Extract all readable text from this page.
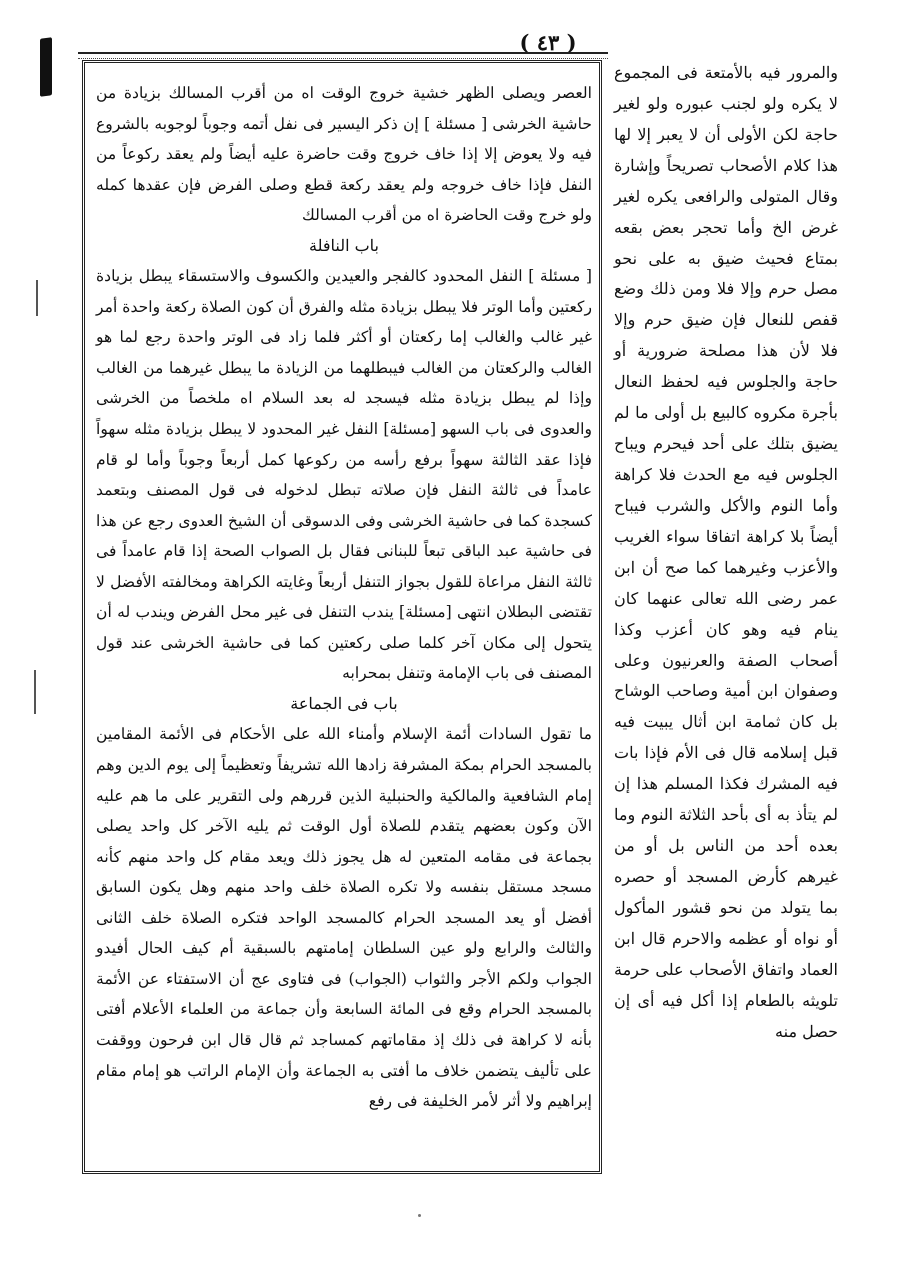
( ٤٣ )

العصر ويصلى الظهر خشية خروج الوقت اه من أقرب المسالك بزيادة من حاشية الخرشى [ مسئلة ] إن ذكر اليسير فى نفل أتمه وجوباً لوجوبه بالشروع فيه ولا يعوض إلا إذا خاف خروج وقت حاضرة عليه أيضاً ولم يعقد ركوعاً من النفل فإذا خاف خروجه ولم يعقد ركعة قطع وصلى الفرض فإن عقدها كمله ولو خرج وقت الحاضرة اه من أقرب المسالك

باب النافلة

[ مسئلة ] النفل المحدود كالفجر والعيدين والكسوف والاستسقاء يبطل بزيادة ركعتين وأما الوتر فلا يبطل بزيادة مثله والفرق أن كون الصلاة ركعة واحدة أمر غير غالب والغالب إما ركعتان أو أكثر فلما زاد فى الوتر واحدة رجع لما هو الغالب والركعتان من الغالب فيبطلهما من الزيادة ما يبطل غيرهما من الغالب وإذا لم يبطل بزيادة مثله فيسجد له بعد السلام اه ملخصاً من الخرشى والعدوى فى باب السهو [مسئلة] النفل غير المحدود لا يبطل بزيادة مثله سهواً فإذا عقد الثالثة سهواً برفع رأسه من ركوعها كمل أربعاً وجوباً وأما لو قام عامداً فى ثالثة النفل فإن صلاته تبطل لدخوله فى قول المصنف وبتعمد كسجدة كما فى حاشية الخرشى وفى الدسوقى أن الشيخ العدوى رجع عن هذا فى حاشية عبد الباقى تبعاً للبنانى فقال بل الصواب الصحة إذا قام عامداً فى ثالثة النفل مراعاة للقول بجواز التنفل أربعاً وغايته الكراهة ومخالفته الأفضل لا تقتضى البطلان انتهى [مسئلة] يندب التنفل فى غير محل الفرض ويندب له أن يتحول إلى مكان آخر كلما صلى ركعتين كما فى حاشية الخرشى عند قول المصنف فى باب الإمامة وتنفل بمحرابه

باب فى الجماعة

ما تقول السادات أئمة الإسلام وأمناء الله على الأحكام فى الأئمة المقامين بالمسجد الحرام بمكة المشرفة زادها الله تشريفاً وتعظيماً إلى يوم الدين وهم إمام الشافعية والمالكية والحنبلية الذين قررهم ولى التقرير على ما هم عليه الآن وكون بعضهم يتقدم للصلاة أول الوقت ثم يليه الآخر كل واحد يصلى بجماعة فى مقامه المتعين له هل يجوز ذلك ويعد مقام كل واحد منهم كأنه مسجد مستقل بنفسه ولا تكره الصلاة خلف واحد منهم وهل يكون السابق أفضل أو يعد المسجد الحرام كالمسجد الواحد فتكره الصلاة خلف الثانى والثالث والرابع ولو عين السلطان إمامتهم بالسبقية أم كيف الحال أفيدو الجواب ولكم الأجر والثواب (الجواب) فى فتاوى عج أن الاستفتاء عن الأئمة بالمسجد الحرام وقع فى المائة السابعة وأن جماعة من العلماء الأعلام أفتى بأنه لا كراهة فى ذلك إذ مقاماتهم كمساجد ثم قال قال ابن فرحون ووقفت على تأليف يتضمن خلاف ما أفتى به الجماعة وأن الإمام الراتب هو إمام مقام إبراهيم ولا أثر لأمر الخليفة فى رفع

والمرور فيه بالأمتعة فى المجموع لا يكره ولو لجنب عبوره ولو لغير حاجة لكن الأولى أن لا يعبر إلا لها هذا كلام الأصحاب تصريحاً وإشارة وقال المتولى والرافعى يكره لغير غرض الخ وأما تحجر بعض بقعه بمتاع فحيث ضيق به على نحو مصل حرم وإلا فلا ومن ذلك وضع قفص للنعال فإن ضيق حرم وإلا فلا لأن هذا مصلحة ضرورية أو حاجة والجلوس فيه لحفظ النعال بأجرة مكروه كالبيع بل أولى ما لم يضيق بتلك على أحد فيحرم ويباح الجلوس فيه مع الحدث فلا كراهة وأما النوم والأكل والشرب فيباح أيضاً بلا كراهة اتفاقا سواء الغريب والأعزب وغيرهما كما صح أن ابن عمر رضى الله تعالى عنهما كان ينام فيه وهو كان أعزب وكذا أصحاب الصفة والعرنيون وعلى وصفوان ابن أمية وصاحب الوشاح بل كان ثمامة ابن أثال يبيت فيه قبل إسلامه قال فى الأم فإذا بات فيه المشرك فكذا المسلم هذا إن لم يتأذ به أى بأحد الثلاثة النوم وما بعده أحد من الناس بل أو من غيرهم كأرض المسجد أو حصره بما يتولد من نحو قشور المأكول أو نواه أو عظمه والاحرم قال ابن العماد واتفاق الأصحاب على حرمة تلويثه بالطعام إذا أكل فيه أى إن حصل منه
